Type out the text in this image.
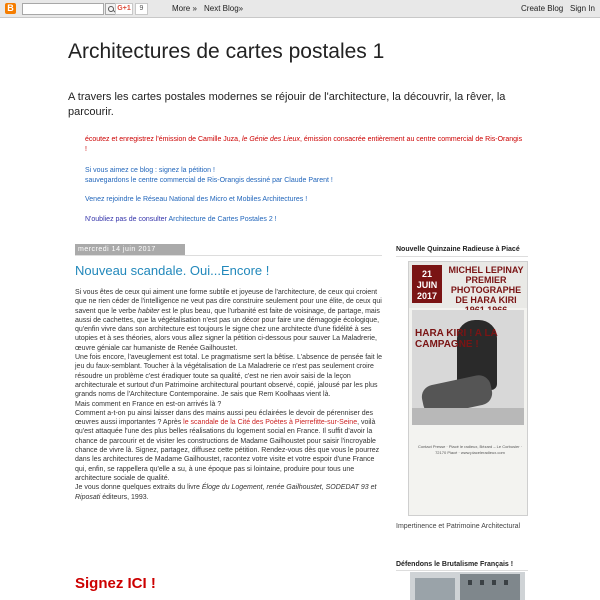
B	G+1	9	More » Next Blog»	Create Blog Sign In
Architectures de cartes postales 1
A travers les cartes postales modernes se réjouir de l'architecture, la découvrir, la rêver, la parcourir.
écoutez et enregistrez l'émission de Camille Juza, le Génie des Lieux, émission consacrée entièrement au centre commercial de Ris-Orangis !
Si vous aimez ce blog : signez la pétition !
sauvegardons le centre commercial de Ris-Orangis dessiné par Claude Parent !
Venez rejoindre le Réseau National des Micro et Mobiles Architectures !
N'oubliez pas de consulter Architecture de Cartes Postales 2 !
mercredi 14 juin 2017
Nouveau scandale. Oui...Encore !

Si vous êtes de ceux qui aiment une forme subtile et joyeuse de l'architecture, de ceux qui croient que ne rien céder de l'intelligence ne veut pas dire construire seulement pour une élite, de ceux qui savent que le verbe habiter est le plus beau, que l'urbanité est faite de voisinage, de partage, mais aussi de cachettes, que la végétalisation n'est pas un décor pour faire une démagogie écologique, qu'enfin vivre dans son architecture est toujours le signe chez une architecte d'une fidélité à ses utopies et à ses théories, alors vous allez signer la pétition ci-dessous pour sauver La Maladrerie, œuvre géniale car humaniste de Renée Gailhoustet.

Une fois encore, l'aveuglement est total. Le pragmatisme sert la bêtise. L'absence de pensée fait le jeu du faux-semblant. Toucher à la végétalisation de La Maladrerie ce n'est pas seulement croire résoudre un problème c'est éradiquer toute sa qualité, c'est ne rien avoir saisi de la leçon architecturale et surtout d'un Patrimoine architectural pourtant observé, copié, jalousé par les plus grands noms de l'Architecture Contemporaine. Je sais que Rem Koolhaas vient là.

Mais comment en France en est-on arrivés là ?

Comment a-t-on pu ainsi laisser dans des mains aussi peu éclairées le devoir de pérenniser des œuvres aussi importantes ? Après le scandale de la Cité des Poètes à Pierrefitte-sur-Seine, voilà qu'est attaquée l'une des plus belles réalisations du logement social en France. Il suffit d'avoir la chance de parcourir et de visiter les constructions de Madame Gailhoustet pour saisir l'incroyable chance de vivre là. Signez, partagez, diffusez cette pétition. Rendez-vous dès que vous le pourrez dans les architectures de Madame Gailhoustet, racontez votre visite et votre espoir d'une France qui, enfin, se rappellera qu'elle a su, à une époque pas si lointaine, produire pour tous une architecture sociale de qualité.

Je vous donne quelques extraits du livre Éloge du Logement, renée Gailhoustet, SODEDAT 93 et Riposati éditeurs, 1993.

Signez ICI !
Nouvelle Quinzaine Radieuse à Piacé
21 JUIN 2017
MICHEL LEPINAY PREMIER PHOTOGRAPHE DE HARA KIRI
HARA KIRI ! A LA CAMPAGNE !
Contact Presse · Piacé le radieux, Bézard – Le Corbusier · 72170 Piacé · www.piaceleradieux.com
Impertinence et Patrimoine Architectural
Défendons le Brutalisme Français !
